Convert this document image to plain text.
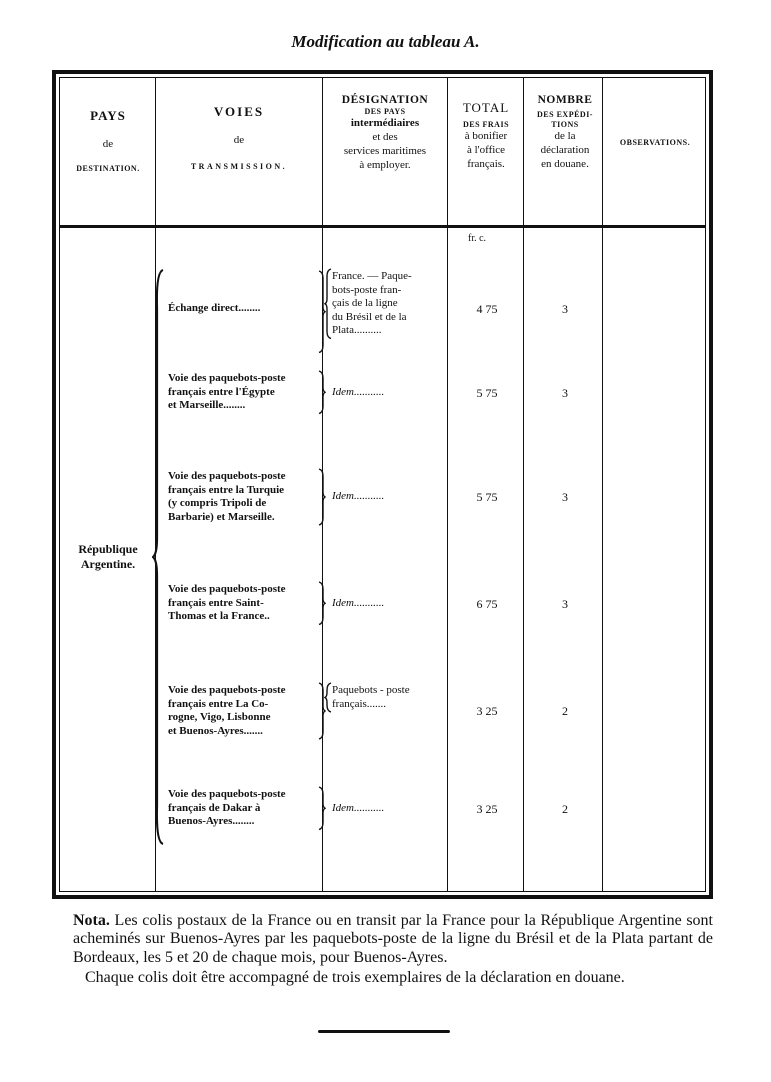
Modification au tableau A.
PAYS
de
DESTINATION.
VOIES
de
TRANSMISSION.
DÉSIGNATION
DES PAYS
intermédiaires
et des
services maritimes
à employer.
TOTAL
DES FRAIS
à bonifier
à l'office
français.
NOMBRE
DES EXPÉDI-
TIONS
de la
déclaration
en douane.
OBSERVATIONS.
fr. c.
République
Argentine.
Échange direct........
France. — Paque-
bots-poste fran-
çais de la ligne
du Brésil et de la
Plata..........
4 75	3
Voie des paquebots-poste
français entre l'Égypte
et Marseille........
Idem...........	5 75	3
Voie des paquebots-poste
français entre la Turquie
(y compris Tripoli de
Barbarie) et Marseille.
Idem...........	5 75	3
Voie des paquebots-poste
français entre Saint-
Thomas et la France..
Idem...........	6 75	3
Voie des paquebots-poste
français entre La Co-
rogne, Vigo, Lisbonne
et Buenos-Ayres.......
Paquebots - poste
français.......
3 25	2
Voie des paquebots-poste
français de Dakar à
Buenos-Ayres........
Idem...........	3 25	2

Nota. Les colis postaux de la France ou en transit par la France pour la République Argentine sont acheminés sur Buenos-Ayres par les paquebots-poste de la ligne du Brésil et de la Plata partant de Bordeaux, les 5 et 20 de chaque mois, pour Buenos-Ayres.

Chaque colis doit être accompagné de trois exemplaires de la déclaration en douane.
